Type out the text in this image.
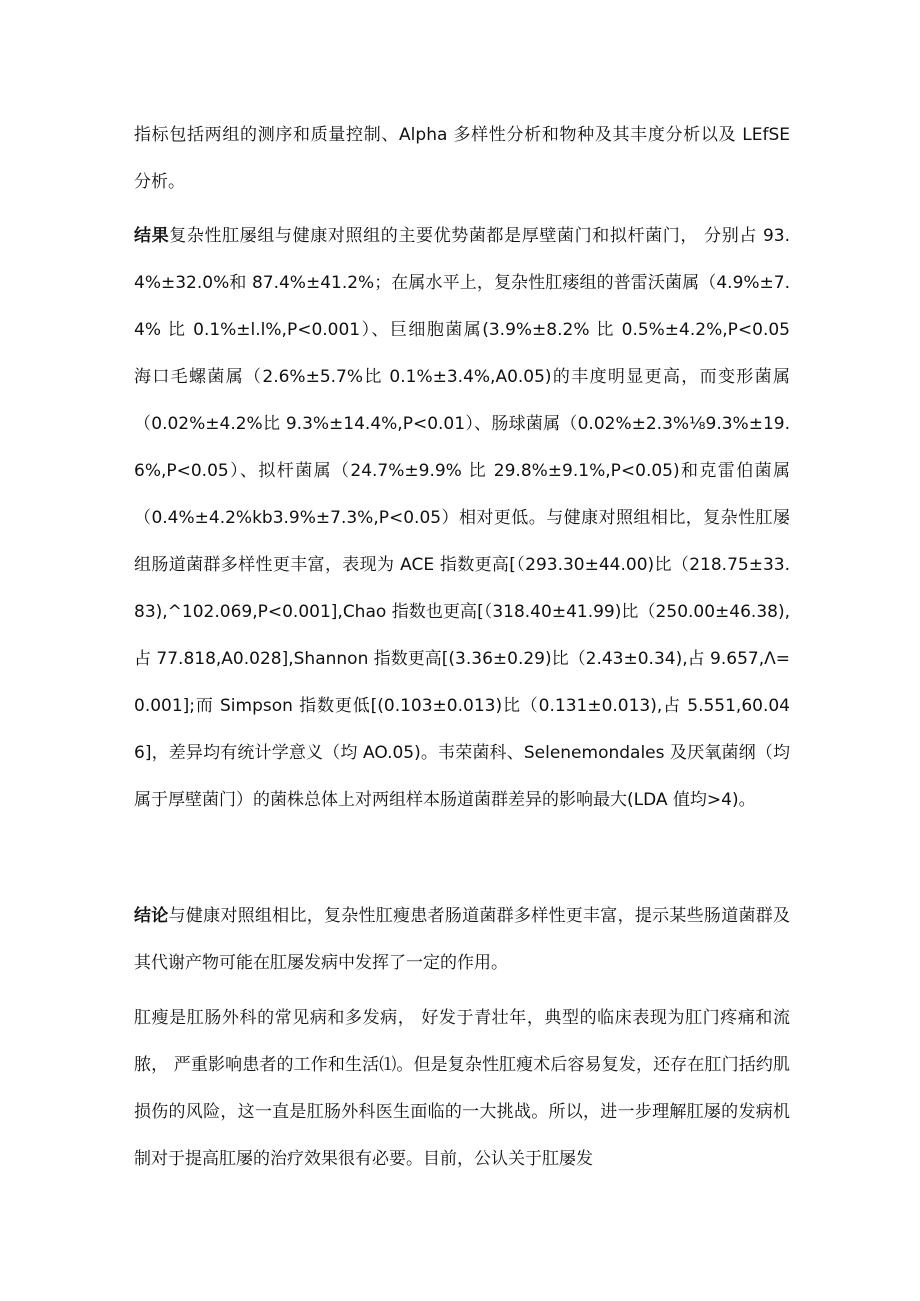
指标包括两组的测序和质量控制、Alpha 多样性分析和物种及其丰度分析以及 LEfSE 分析。

结果复杂性肛屡组与健康对照组的主要优势菌都是厚壁菌门和拟杆菌门， 分别占 93.4%±32.0%和 87.4%±41.2%；在属水平上，复杂性肛瘘组的普雷沃菌属（4.9%±7.4% 比 0.1%±l.l%,P<0.001）、巨细胞菌属(3.9%±8.2% 比 0.5%±4.2%,P<0.05 海口毛螺菌属（2.6%±5.7%比 0.1%±3.4%,A0.05)的丰度明显更高，而变形菌属（0.02%±4.2%比 9.3%±14.4%,P<0.01）、肠球菌属（0.02%±2.3%⅛9.3%±19.6%,P<0.05）、拟杆菌属（24.7%±9.9% 比 29.8%±9.1%,P<0.05)和克雷伯菌属（0.4%±4.2%kb3.9%±7.3%,P<0.05）相对更低。与健康对照组相比，复杂性肛屡组肠道菌群多样性更丰富，表现为 ACE 指数更高[（293.30±44.00)比（218.75±33.83),^102.069,P<0.001],Chao 指数也更高[（318.40±41.99)比（250.00±46.38),占 77.818,A0.028],Shannon 指数更高[(3.36±0.29)比（2.43±0.34),占 9.657,Λ=0.001];而 Simpson 指数更低[(0.103±0.013)比（0.131±0.013),占 5.551,60.046]，差异均有统计学意义（均 AO.05)。韦荣菌科、Selenemondales 及厌氧菌纲（均属于厚壁菌门）的菌株总体上对两组样本肠道菌群差异的影响最大(LDA 值均>4)。

结论与健康对照组相比，复杂性肛瘦患者肠道菌群多样性更丰富，提示某些肠道菌群及其代谢产物可能在肛屡发病中发挥了一定的作用。

肛瘦是肛肠外科的常见病和多发病， 好发于青壮年，典型的临床表现为肛门疼痛和流脓， 严重影响患者的工作和生活⑴。但是复杂性肛瘦术后容易复发，还存在肛门括约肌损伤的风险，这一直是肛肠外科医生面临的一大挑战。所以，进一步理解肛屡的发病机制对于提高肛屡的治疗效果很有必要。目前，公认关于肛屡发
